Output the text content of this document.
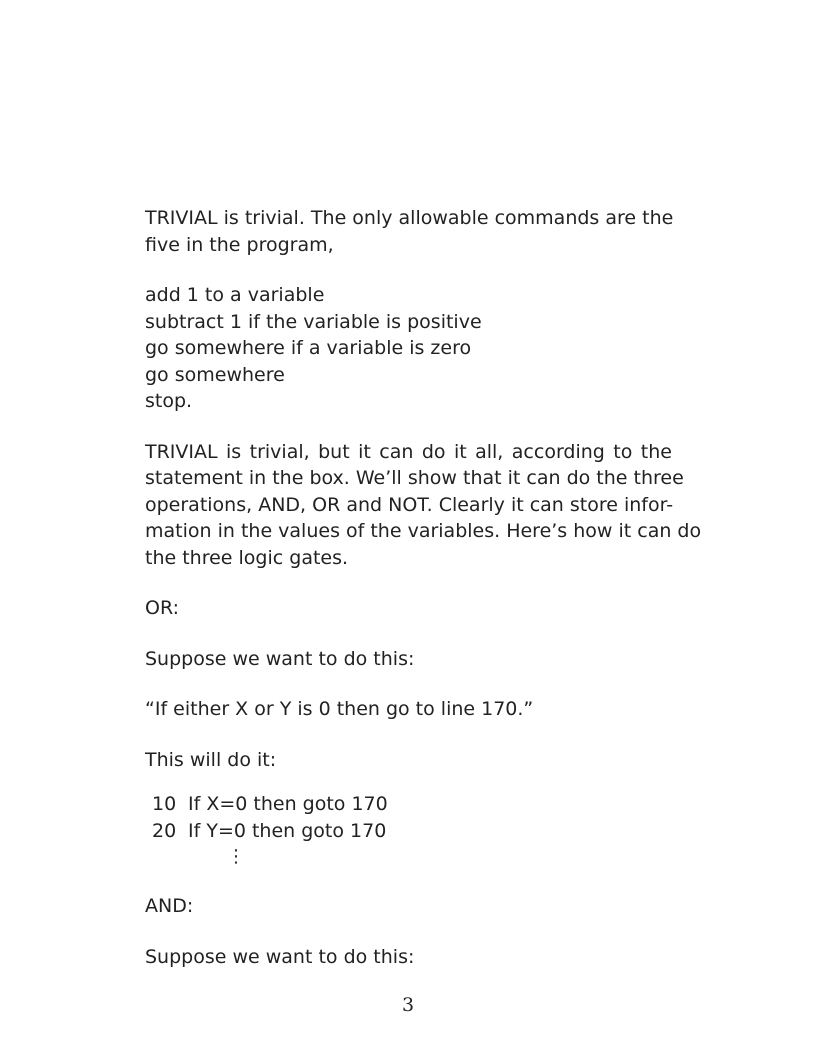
TRIVIAL is trivial. The only allowable commands are the
five in the program,

add 1 to a variable
subtract 1 if the variable is positive
go somewhere if a variable is zero
go somewhere
stop.

TRIVIAL is trivial, but it can do it all, according to the
statement in the box. We’ll show that it can do the three
operations, AND, OR and NOT. Clearly it can store infor-
mation in the values of the variables. Here’s how it can do
the three logic gates.

OR:
Suppose we want to do this:
“If either X or Y is 0 then go to line 170.”
This will do it:
10 If X=0 then goto 170
20 If Y=0 then goto 170
⋮
AND:
Suppose we want to do this:
3
